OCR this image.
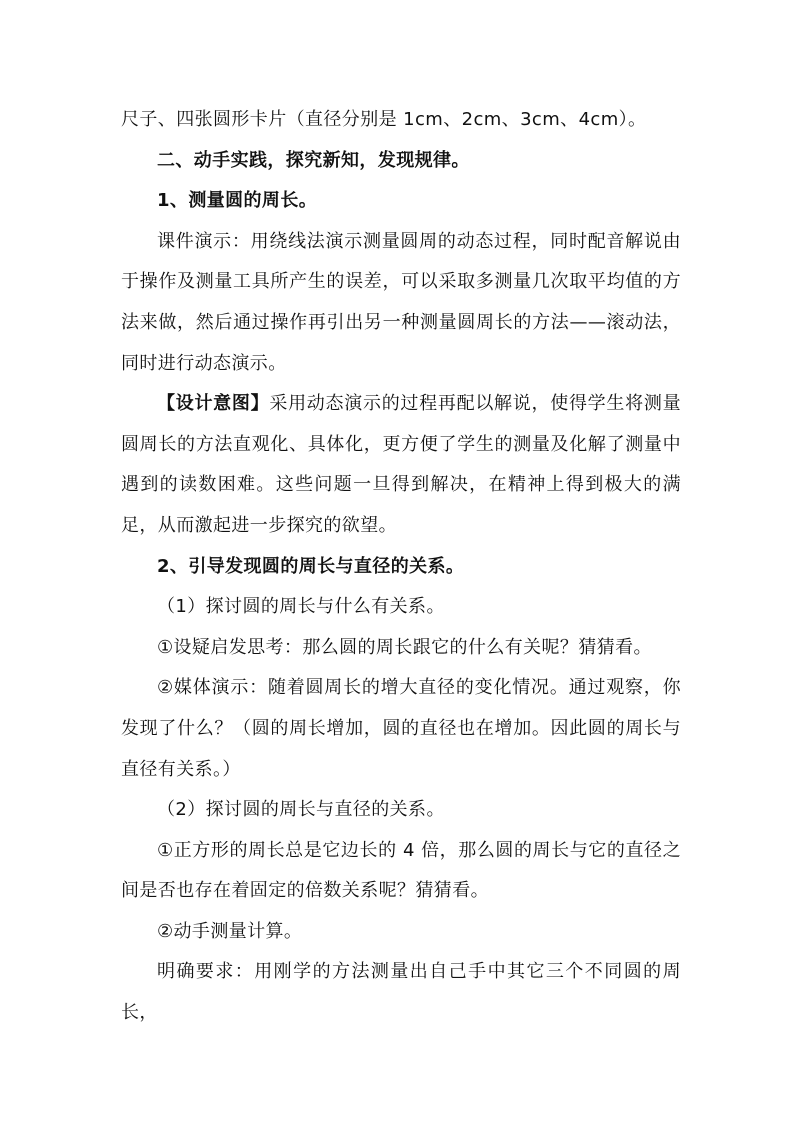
尺子、四张圆形卡片（直径分别是 1cm、2cm、3cm、4cm）。

二、动手实践，探究新知，发现规律。

1、测量圆的周长。

课件演示：用绕线法演示测量圆周的动态过程，同时配音解说由于操作及测量工具所产生的误差，可以采取多测量几次取平均值的方法来做，然后通过操作再引出另一种测量圆周长的方法——滚动法，同时进行动态演示。

【设计意图】采用动态演示的过程再配以解说，使得学生将测量圆周长的方法直观化、具体化，更方便了学生的测量及化解了测量中遇到的读数困难。这些问题一旦得到解决，在精神上得到极大的满足，从而激起进一步探究的欲望。

2、引导发现圆的周长与直径的关系。

（1）探讨圆的周长与什么有关系。

①设疑启发思考：那么圆的周长跟它的什么有关呢？猜猜看。

②媒体演示：随着圆周长的增大直径的变化情况。通过观察，你发现了什么？（圆的周长增加，圆的直径也在增加。因此圆的周长与直径有关系。）

（2）探讨圆的周长与直径的关系。

①正方形的周长总是它边长的 4 倍，那么圆的周长与它的直径之间是否也存在着固定的倍数关系呢？猜猜看。

②动手测量计算。

明确要求：用刚学的方法测量出自己手中其它三个不同圆的周长，
